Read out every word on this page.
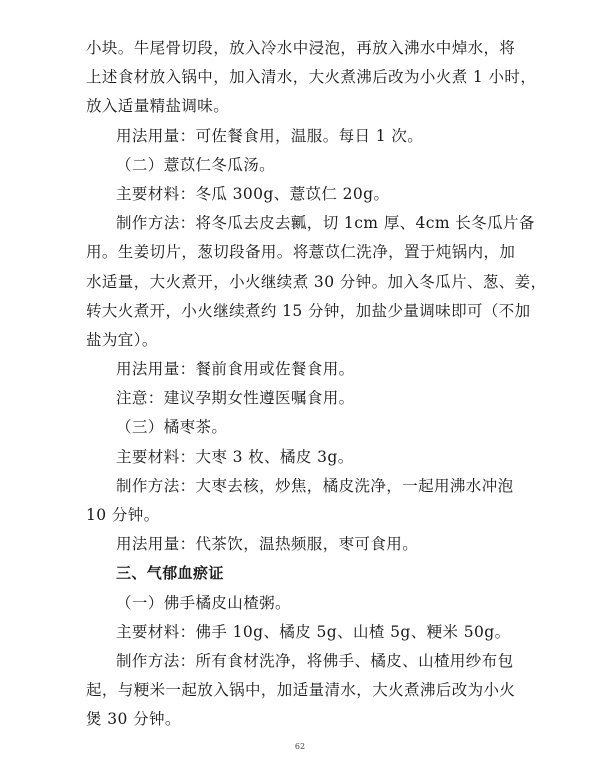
小块。牛尾骨切段，放入冷水中浸泡，再放入沸水中焯水，将
上述食材放入锅中，加入清水，大火煮沸后改为小火煮 1 小时，
放入适量精盐调味。
用法用量：可佐餐食用，温服。每日 1 次。
（二）薏苡仁冬瓜汤。
主要材料：冬瓜 300g、薏苡仁 20g。
制作方法：将冬瓜去皮去瓤，切 1cm 厚、4cm 长冬瓜片备
用。生姜切片，葱切段备用。将薏苡仁洗净，置于炖锅内，加
水适量，大火煮开，小火继续煮 30 分钟。加入冬瓜片、葱、姜，
转大火煮开，小火继续煮约 15 分钟，加盐少量调味即可（不加
盐为宜）。
用法用量：餐前食用或佐餐食用。
注意：建议孕期女性遵医嘱食用。
（三）橘枣茶。
主要材料：大枣 3 枚、橘皮 3g。
制作方法：大枣去核，炒焦，橘皮洗净，一起用沸水冲泡
10 分钟。
用法用量：代茶饮，温热频服，枣可食用。
三、气郁血瘀证
（一）佛手橘皮山楂粥。
主要材料：佛手 10g、橘皮 5g、山楂 5g、粳米 50g。
制作方法：所有食材洗净，将佛手、橘皮、山楂用纱布包
起，与粳米一起放入锅中，加适量清水，大火煮沸后改为小火
煲 30 分钟。
62
